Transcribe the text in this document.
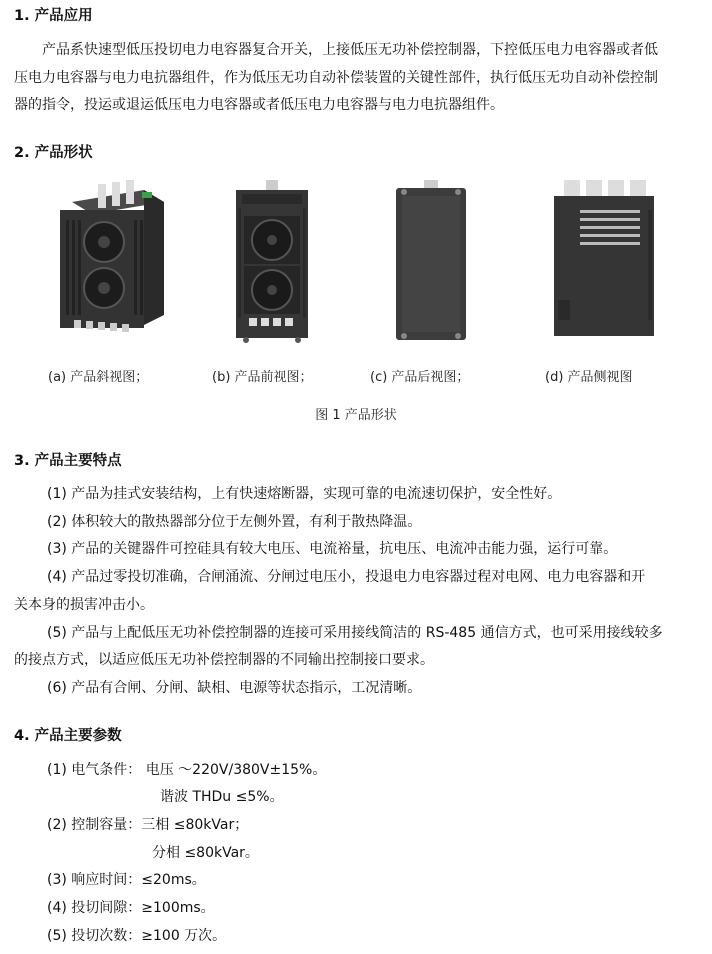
1. 产品应用
产品系快速型低压投切电力电容器复合开关，上接低压无功补偿控制器，下控低压电力电容器或者低
压电力电容器与电力电抗器组件，作为低压无功自动补偿装置的关键性部件，执行低压无功自动补偿控制
器的指令，投运或退运低压电力电容器或者低压电力电容器与电力电抗器组件。
2. 产品形状
(a) 产品斜视图；	(b) 产品前视图；	(c) 产品后视图；	(d) 产品侧视图
图 1 产品形状
3. 产品主要特点
(1) 产品为挂式安装结构，上有快速熔断器，实现可靠的电流速切保护，安全性好。
(2) 体积较大的散热器部分位于左侧外置，有利于散热降温。
(3) 产品的关键器件可控硅具有较大电压、电流裕量，抗电压、电流冲击能力强，运行可靠。
(4) 产品过零投切准确，合闸涌流、分闸过电压小，投退电力电容器过程对电网、电力电容器和开
关本身的损害冲击小。
(5) 产品与上配低压无功补偿控制器的连接可采用接线简洁的 RS-485 通信方式，也可采用接线较多
的接点方式，以适应低压无功补偿控制器的不同输出控制接口要求。
(6) 产品有合闸、分闸、缺相、电源等状态指示，工况清晰。
4. 产品主要参数
(1) 电气条件： 电压 ～220V/380V±15%。
谐波 THDu ≤5%。
(2) 控制容量：三相 ≤80kVar；
分相 ≤80kVar。
(3) 响应时间：≤20ms。
(4) 投切间隙：≥100ms。
(5) 投切次数：≥100 万次。
